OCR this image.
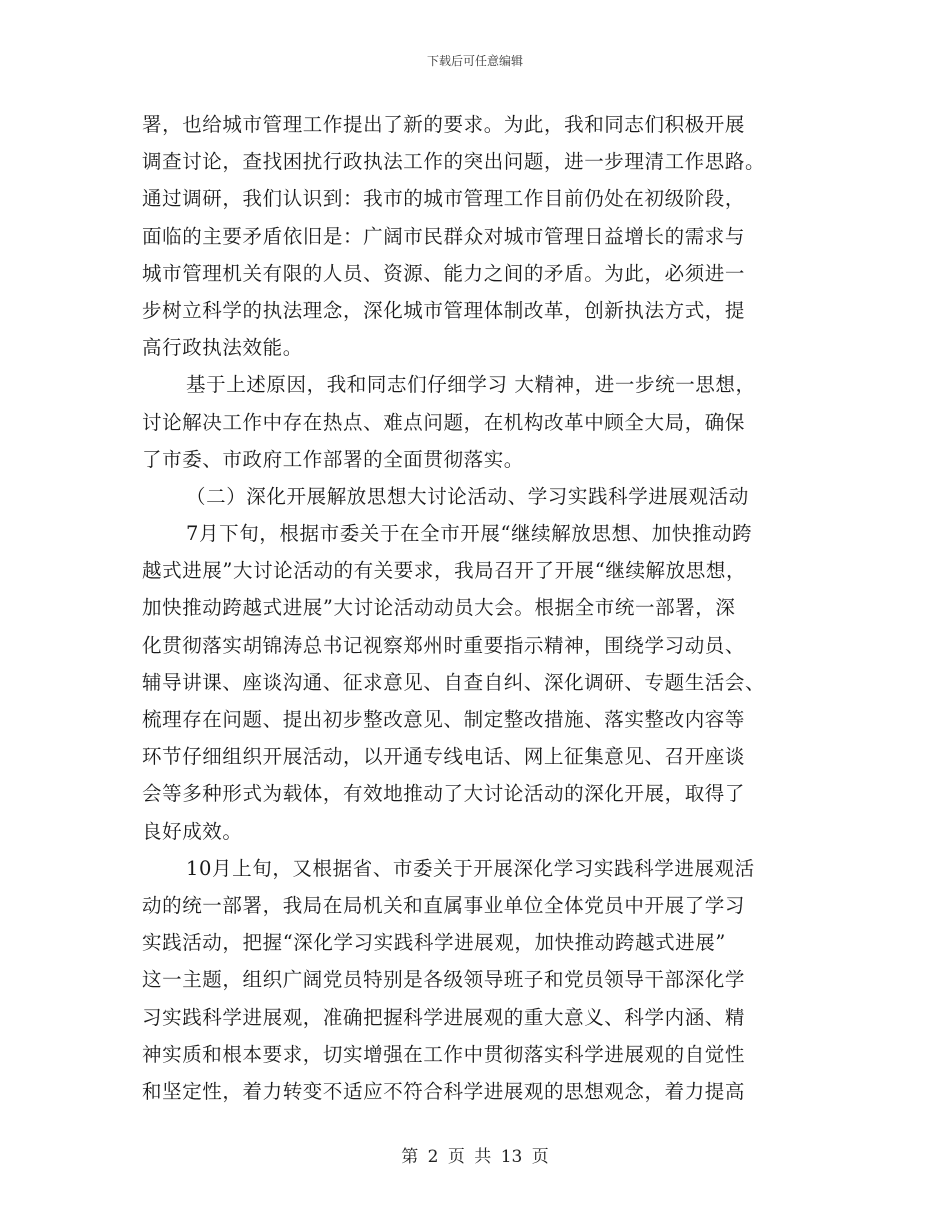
下载后可任意编辑
署，也给城市管理工作提出了新的要求。为此，我和同志们积极开展
调查讨论，查找困扰行政执法工作的突出问题，进一步理清工作思路。
通过调研，我们认识到：我市的城市管理工作目前仍处在初级阶段，
面临的主要矛盾依旧是：广阔市民群众对城市管理日益增长的需求与
城市管理机关有限的人员、资源、能力之间的矛盾。为此，必须进一
步树立科学的执法理念，深化城市管理体制改革，创新执法方式，提
高行政执法效能。
基于上述原因，我和同志们仔细学习 大精神，进一步统一思想，
讨论解决工作中存在热点、难点问题，在机构改革中顾全大局，确保
了市委、市政府工作部署的全面贯彻落实。
（二）深化开展解放思想大讨论活动、学习实践科学进展观活动
7月下旬，根据市委关于在全市开展“继续解放思想、加快推动跨
越式进展”大讨论活动的有关要求，我局召开了开展“继续解放思想，
加快推动跨越式进展”大讨论活动动员大会。根据全市统一部署，深
化贯彻落实胡锦涛总书记视察郑州时重要指示精神，围绕学习动员、
辅导讲课、座谈沟通、征求意见、自查自纠、深化调研、专题生活会、
梳理存在问题、提出初步整改意见、制定整改措施、落实整改内容等
环节仔细组织开展活动，以开通专线电话、网上征集意见、召开座谈
会等多种形式为载体，有效地推动了大讨论活动的深化开展，取得了
良好成效。
10月上旬，又根据省、市委关于开展深化学习实践科学进展观活
动的统一部署，我局在局机关和直属事业单位全体党员中开展了学习
实践活动，把握“深化学习实践科学进展观，加快推动跨越式进展”
这一主题，组织广阔党员特别是各级领导班子和党员领导干部深化学
习实践科学进展观，准确把握科学进展观的重大意义、科学内涵、精
神实质和根本要求，切实增强在工作中贯彻落实科学进展观的自觉性
和坚定性，着力转变不适应不符合科学进展观的思想观念，着力提高
第 2 页 共 13 页
